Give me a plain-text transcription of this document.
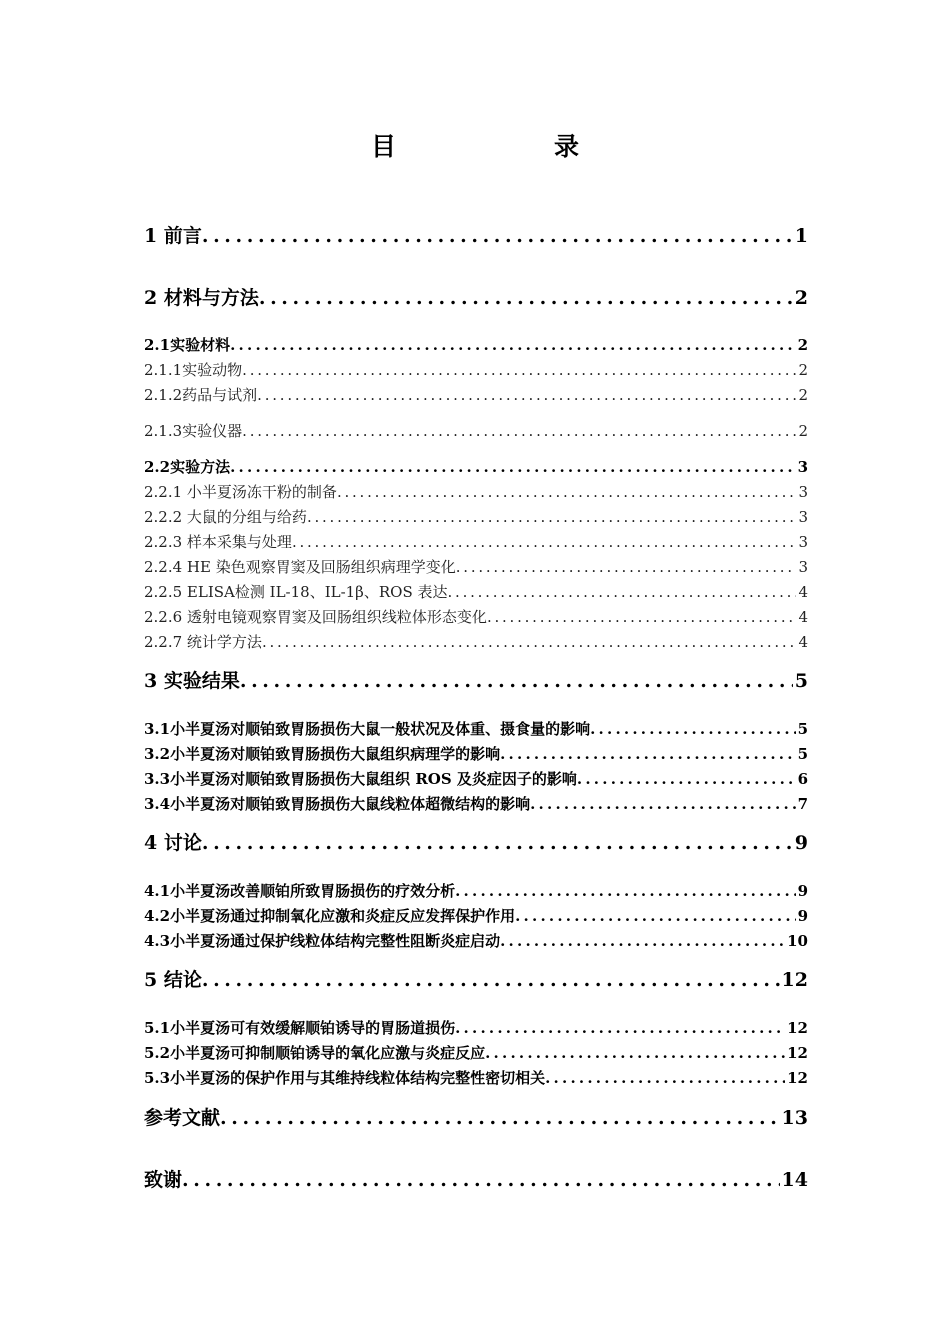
目　　录
1 前言 . . .	1
2 材料与方法 . . .	2
2.1实验材料 . . .	2
2.1.1实验动物 . . .	2
2.1.2药品与试剂 . . .	2
2.1.3实验仪器 . . .	2
2.2实验方法 . . .	3
2.2.1 小半夏汤冻干粉的制备 . . .	3
2.2.2 大鼠的分组与给药 . . .	3
2.2.3 样本采集与处理 . . .	3
2.2.4 HE 染色观察胃窦及回肠组织病理学变化 . . .	3
2.2.5 ELISA检测 IL-18、IL-1β、ROS 表达 . . .	4
2.2.6 透射电镜观察胃窦及回肠组织线粒体形态变化 . . .	4
2.2.7 统计学方法 . . .	4
3 实验结果 . . .	5
3.1小半夏汤对顺铂致胃肠损伤大鼠一般状况及体重、摄食量的影响 . . .	5
3.2小半夏汤对顺铂致胃肠损伤大鼠组织病理学的影响 . . .	5
3.3小半夏汤对顺铂致胃肠损伤大鼠组织 ROS 及炎症因子的影响 . . .	6
3.4小半夏汤对顺铂致胃肠损伤大鼠线粒体超微结构的影响 . . .	7
4 讨论 . . .	9
4.1小半夏汤改善顺铂所致胃肠损伤的疗效分析 . . .	9
4.2小半夏汤通过抑制氧化应激和炎症反应发挥保护作用 . . .	9
4.3小半夏汤通过保护线粒体结构完整性阻断炎症启动 . . .	10
5 结论 . . .	12
5.1小半夏汤可有效缓解顺铂诱导的胃肠道损伤 . . .	12
5.2小半夏汤可抑制顺铂诱导的氧化应激与炎症反应 . . .	12
5.3小半夏汤的保护作用与其维持线粒体结构完整性密切相关 . . .	12
参考文献 . . .	13
致谢 . . .	14
